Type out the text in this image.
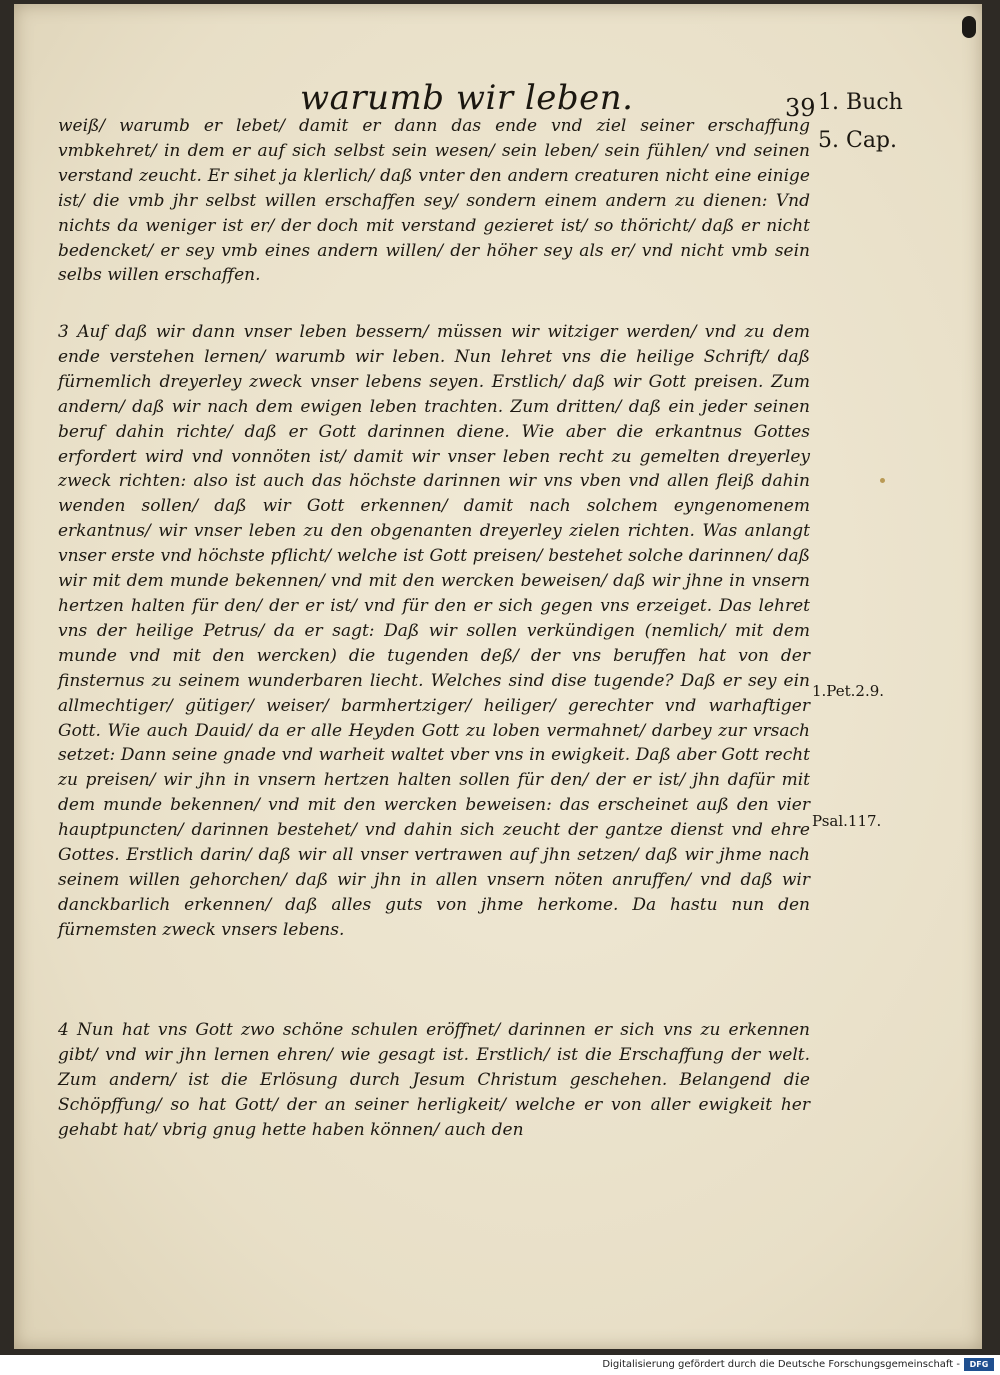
warumb wir leben.	39 1. Buch
5. Cap.
1.Pet.2.9.
Psal.117.

weiß/ warumb er lebet/ damit er dann das ende vnd ziel seiner erschaffung vmbkehret/ in dem er auf sich selbst sein wesen/ sein leben/ sein fühlen/ vnd seinen verstand zeucht. Er sihet ja klerlich/ daß vnter den andern creaturen nicht eine einige ist/ die vmb jhr selbst willen erschaffen sey/ sondern einem andern zu dienen: Vnd nichts da weniger ist er/ der doch mit verstand gezieret ist/ so thöricht/ daß er nicht bedencket/ er sey vmb eines andern willen/ der höher sey als er/ vnd nicht vmb sein selbs willen erschaffen.

3 Auf daß wir dann vnser leben bessern/ müssen wir witziger werden/ vnd zu dem ende verstehen lernen/ warumb wir leben. Nun lehret vns die heilige Schrift/ daß fürnemlich dreyerley zweck vnser lebens seyen. Erstlich/ daß wir Gott preisen. Zum andern/ daß wir nach dem ewigen leben trachten. Zum dritten/ daß ein jeder seinen beruf dahin richte/ daß er Gott darinnen diene. Wie aber die erkantnus Gottes erfordert wird vnd vonnöten ist/ damit wir vnser leben recht zu gemelten dreyerley zweck richten: also ist auch das höchste darinnen wir vns vben vnd allen fleiß dahin wenden sollen/ daß wir Gott erkennen/ damit nach solchem eyngenomenem erkantnus/ wir vnser leben zu den obgenanten dreyerley zielen richten. Was anlangt vnser erste vnd höchste pflicht/ welche ist Gott preisen/ bestehet solche darinnen/ daß wir mit dem munde bekennen/ vnd mit den wercken beweisen/ daß wir jhne in vnsern hertzen halten für den/ der er ist/ vnd für den er sich gegen vns erzeiget. Das lehret vns der heilige Petrus/ da er sagt: Daß wir sollen verkündigen (nemlich/ mit dem munde vnd mit den wercken) die tugenden deß/ der vns beruffen hat von der finsternus zu seinem wunderbaren liecht. Welches sind dise tugende? Daß er sey ein allmechtiger/ gütiger/ weiser/ barmhertziger/ heiliger/ gerechter vnd warhaftiger Gott. Wie auch Dauid/ da er alle Heyden Gott zu loben vermahnet/ darbey zur vrsach setzet: Dann seine gnade vnd warheit waltet vber vns in ewigkeit. Daß aber Gott recht zu preisen/ wir jhn in vnsern hertzen halten sollen für den/ der er ist/ jhn dafür mit dem munde bekennen/ vnd mit den wercken beweisen: das erscheinet auß den vier hauptpuncten/ darinnen bestehet/ vnd dahin sich zeucht der gantze dienst vnd ehre Gottes. Erstlich darin/ daß wir all vnser vertrawen auf jhn setzen/ daß wir jhme nach seinem willen gehorchen/ daß wir jhn in allen vnsern nöten anruffen/ vnd daß wir danckbarlich erkennen/ daß alles guts von jhme herkome. Da hastu nun den fürnemsten zweck vnsers lebens.

4 Nun hat vns Gott zwo schöne schulen eröffnet/ darinnen er sich vns zu erkennen gibt/ vnd wir jhn lernen ehren/ wie gesagt ist. Erstlich/ ist die Erschaffung der welt. Zum andern/ ist die Erlösung durch Jesum Christum geschehen. Belangend die Schöpffung/ so hat Gott/ der an seiner herligkeit/ welche er von aller ewigkeit her gehabt hat/ vbrig gnug hette haben können/ auch den

Digitalisierung gefördert durch die Deutsche Forschungsgemeinschaft -	DFG
